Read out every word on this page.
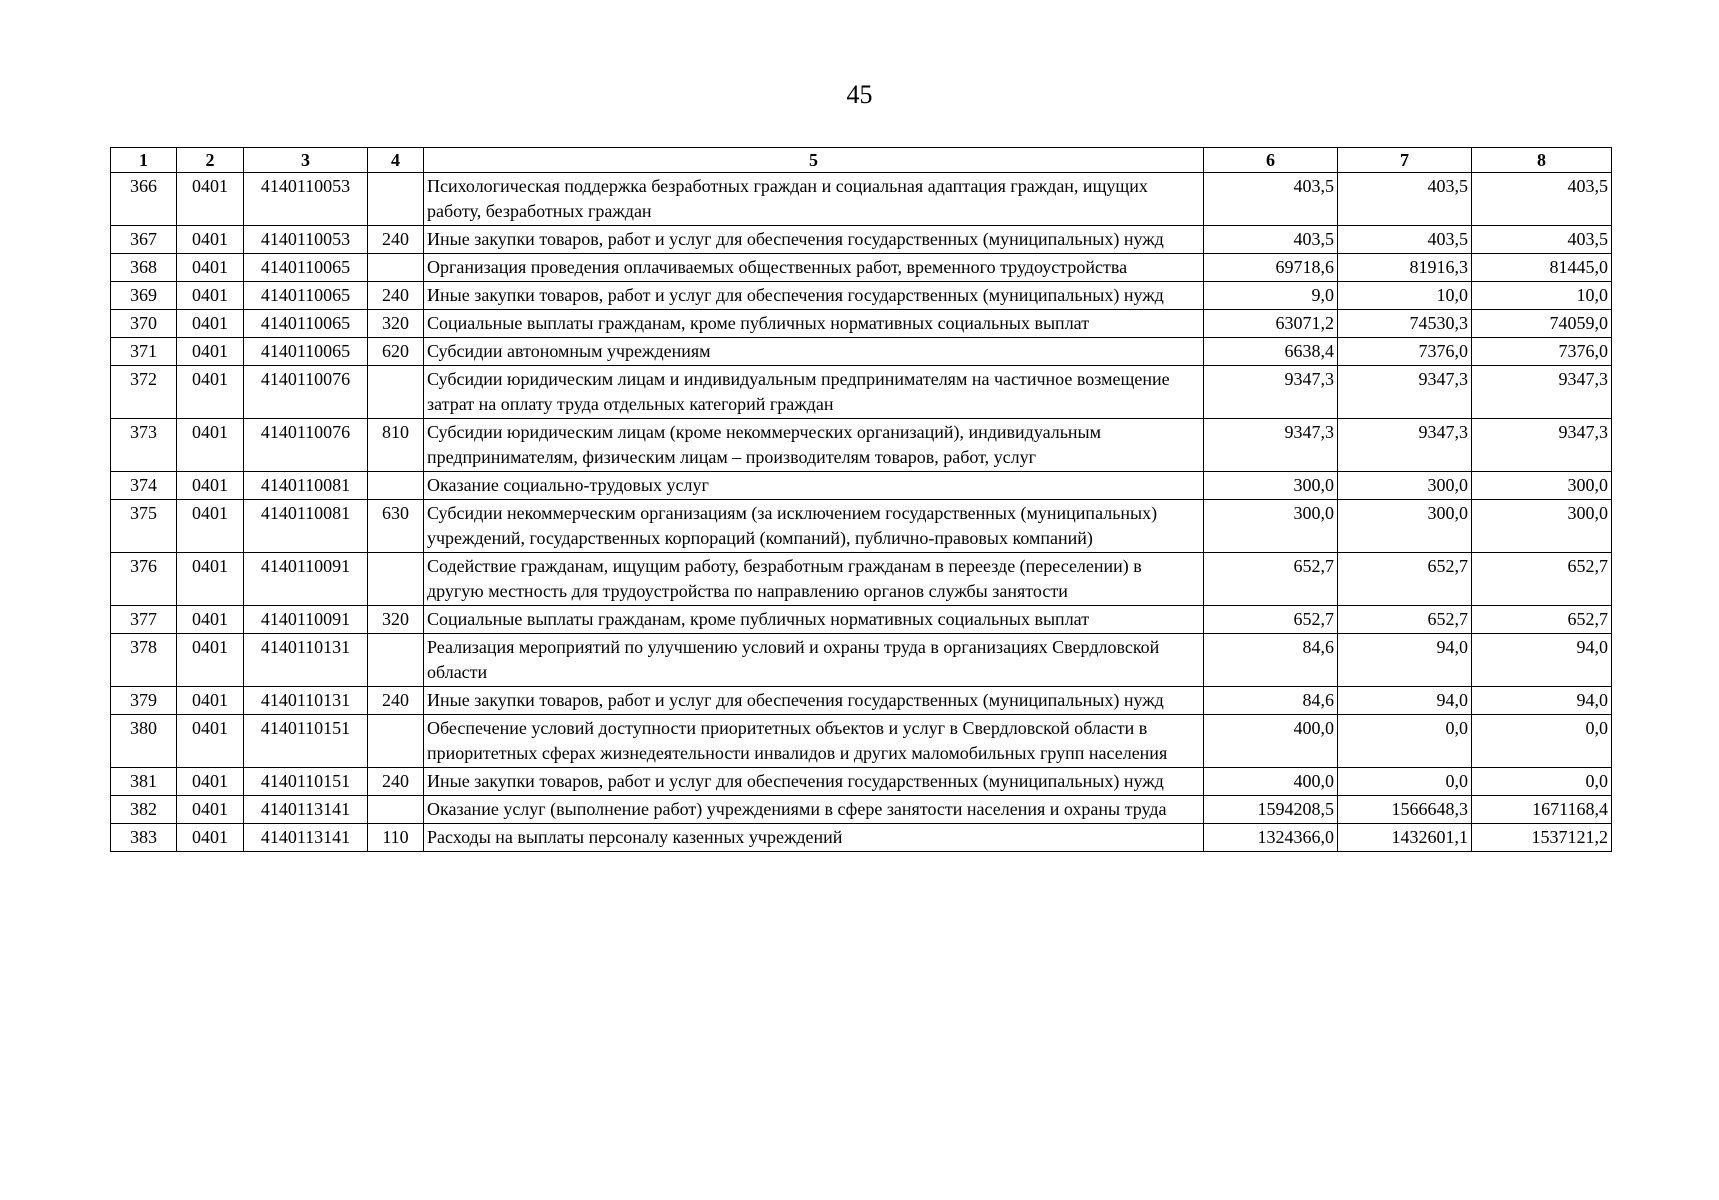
45
1	2	3	4	5	6	7	8
366	0401	4140110053		Психологическая поддержка безработных граждан и социальная адаптация граждан, ищущих работу, безработных граждан	403,5	403,5	403,5
367	0401	4140110053	240	Иные закупки товаров, работ и услуг для обеспечения государственных (муниципальных) нужд	403,5	403,5	403,5
368	0401	4140110065		Организация проведения оплачиваемых общественных работ, временного трудоустройства	69718,6	81916,3	81445,0
369	0401	4140110065	240	Иные закупки товаров, работ и услуг для обеспечения государственных (муниципальных) нужд	9,0	10,0	10,0
370	0401	4140110065	320	Социальные выплаты гражданам, кроме публичных нормативных социальных выплат	63071,2	74530,3	74059,0
371	0401	4140110065	620	Субсидии автономным учреждениям	6638,4	7376,0	7376,0
372	0401	4140110076		Субсидии юридическим лицам и индивидуальным предпринимателям на частичное возмещение затрат на оплату труда отдельных категорий граждан	9347,3	9347,3	9347,3
373	0401	4140110076	810	Субсидии юридическим лицам (кроме некоммерческих организаций), индивидуальным предпринимателям, физическим лицам – производителям товаров, работ, услуг	9347,3	9347,3	9347,3
374	0401	4140110081		Оказание социально-трудовых услуг	300,0	300,0	300,0
375	0401	4140110081	630	Субсидии некоммерческим организациям (за исключением государственных (муниципальных) учреждений, государственных корпораций (компаний), публично-правовых компаний)	300,0	300,0	300,0
376	0401	4140110091		Содействие гражданам, ищущим работу, безработным гражданам в переезде (переселении) в другую местность для трудоустройства по направлению органов службы занятости	652,7	652,7	652,7
377	0401	4140110091	320	Социальные выплаты гражданам, кроме публичных нормативных социальных выплат	652,7	652,7	652,7
378	0401	4140110131		Реализация мероприятий по улучшению условий и охраны труда в организациях Свердловской области	84,6	94,0	94,0
379	0401	4140110131	240	Иные закупки товаров, работ и услуг для обеспечения государственных (муниципальных) нужд	84,6	94,0	94,0
380	0401	4140110151		Обеспечение условий доступности приоритетных объектов и услуг в Свердловской области в приоритетных сферах жизнедеятельности инвалидов и других маломобильных групп населения	400,0	0,0	0,0
381	0401	4140110151	240	Иные закупки товаров, работ и услуг для обеспечения государственных (муниципальных) нужд	400,0	0,0	0,0
382	0401	4140113141		Оказание услуг (выполнение работ) учреждениями в сфере занятости населения и охраны труда	1594208,5	1566648,3	1671168,4
383	0401	4140113141	110	Расходы на выплаты персоналу казенных учреждений	1324366,0	1432601,1	1537121,2
